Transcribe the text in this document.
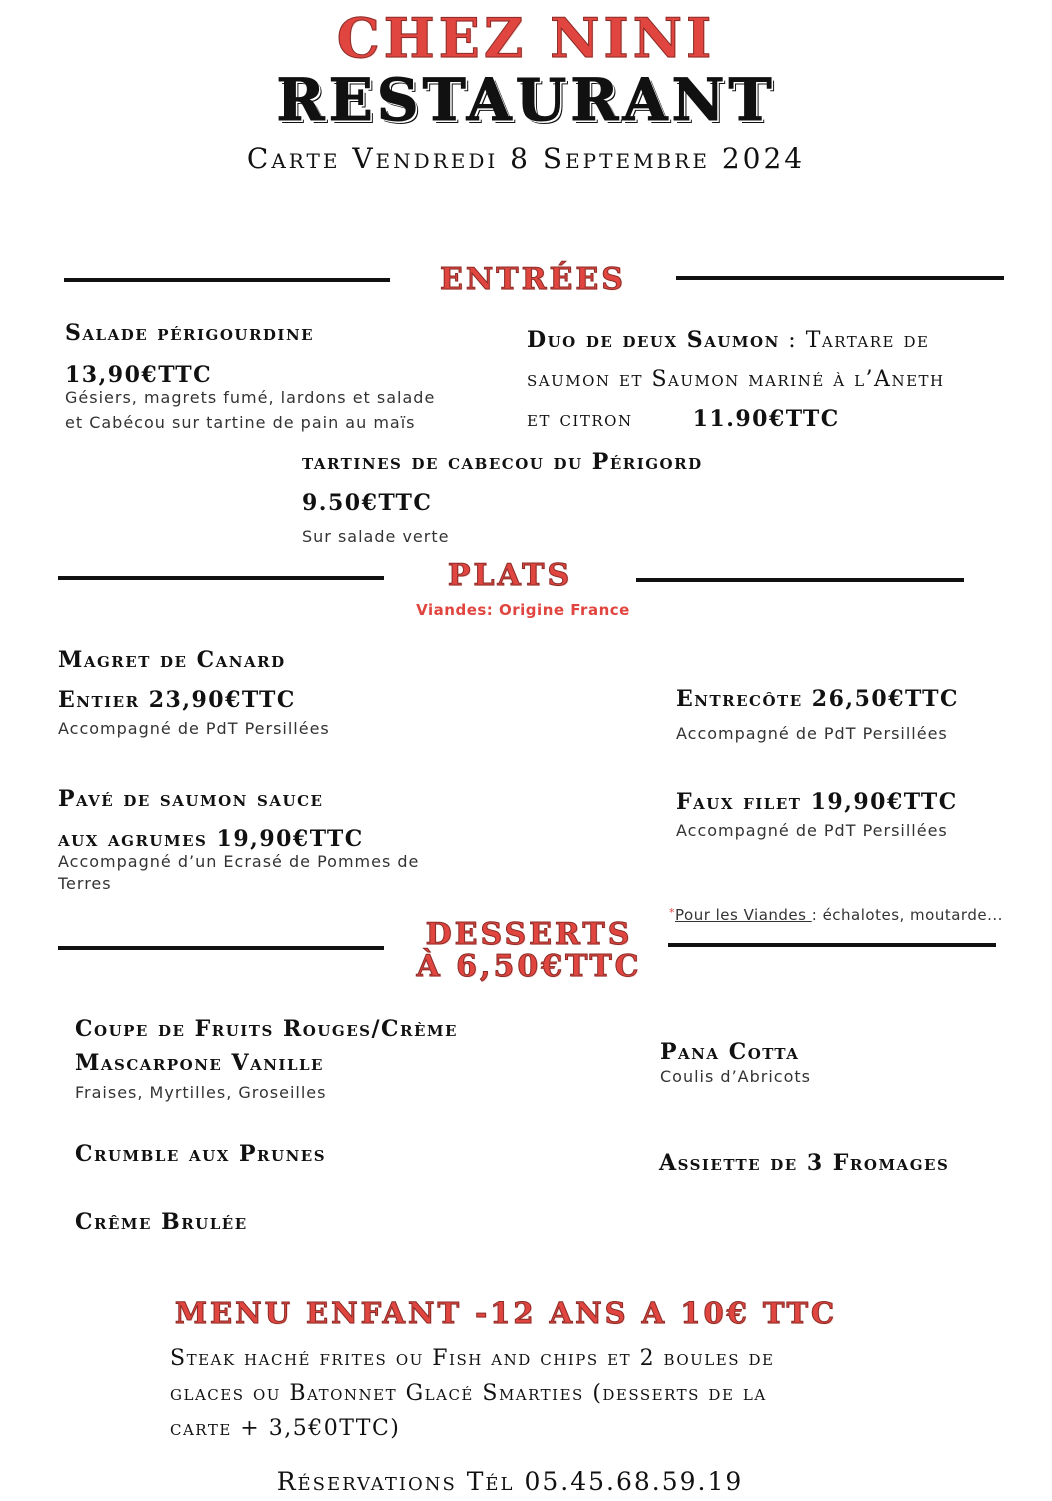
CHEZ NINI
RESTAURANT
Carte Vendredi 8 Septembre 2024
ENTRÉES
Salade périgourdine
13,90€TTC
Gésiers, magrets fumé, lardons et salade et Cabécou sur tartine de pain au maïs
Duo de deux Saumon : Tartare de
saumon et Saumon mariné à l’Aneth
et citron	11.90€TTC
tartines de cabecou du Périgord
9.50€TTC
Sur salade verte
PLATS
Viandes: Origine France
Magret de Canard
Entier 23,90€TTC
Accompagné de PdT Persillées
Entrecôte 26,50€TTC
Accompagné de PdT Persillées
Pavé de saumon sauce
aux agrumes 19,90€TTC
Accompagné d’un Ecrasé de Pommes de Terres
Faux filet 19,90€TTC
Accompagné de PdT Persillées
*Pour les Viandes : échalotes, moutarde...
DESSERTS
À 6,50€TTC
Coupe de Fruits Rouges/Crème
Mascarpone Vanille
Fraises, Myrtilles, Groseilles
Pana Cotta
Coulis d’Abricots
Crumble aux Prunes	Assiette de 3 Fromages
Crême Brulée
MENU ENFANT -12 ANS A 10€ TTC
Steak haché frites ou Fish and chips et 2 boules de
glaces ou Batonnet Glacé Smarties (desserts de la
carte + 3,5€0TTC)
Réservations Tél 05.45.68.59.19
